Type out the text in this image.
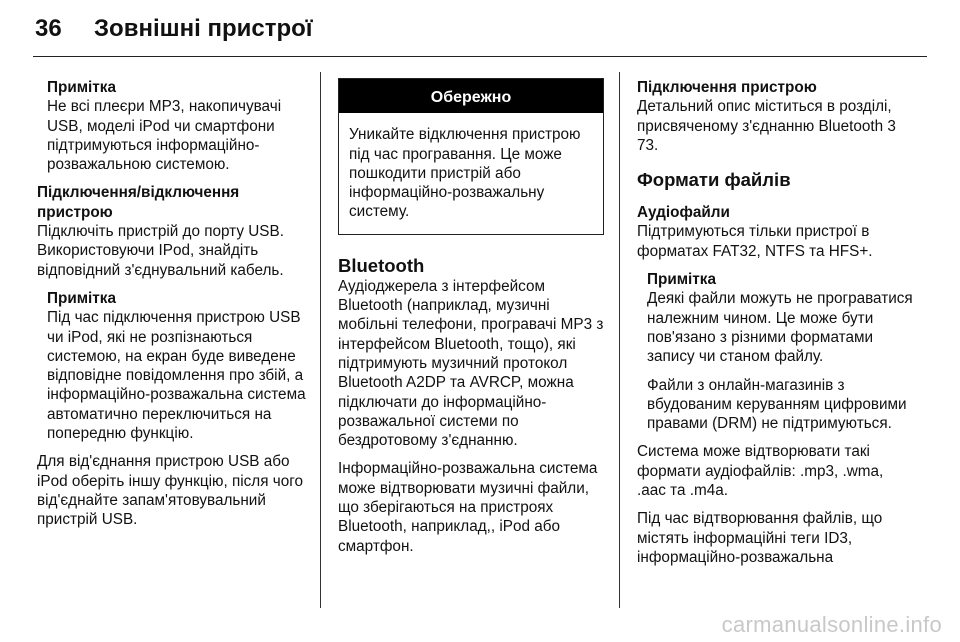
36 Зовнішні пристрої
Примітка

Не всі плеєри MP3, накопичувачі USB, моделі iPod чи смартфони підтримуються інформаційно-розважальною системою.

Підключення/відключення пристрою

Підключіть пристрій до порту USB. Використовуючи IPod, знайдіть відповідний з'єднувальний кабель.

Примітка

Під час підключення пристрою USB чи iPod, які не розпізнаються системою, на екран буде виведене відповідне повідомлення про збій, а інформаційно-розважальна система автоматично переключиться на попередню функцію.

Для від'єднання пристрою USB або iPod оберіть іншу функцію, після чого від'єднайте запам'ятовувальний пристрій USB.

Обережно
Уникайте відключення пристрою під час програвання. Це може пошкодити пристрій або інформаційно-розважальну систему.
Bluetooth

Аудіоджерела з інтерфейсом Bluetooth (наприклад, музичні мобільні телефони, програвачі MP3 з інтерфейсом Bluetooth, тощо), які підтримують музичний протокол Bluetooth A2DP та AVRCP, можна підключати до інформаційно-розважальної системи по бездротовому з'єднанню.

Інформаційно-розважальна система може відтворювати музичні файли, що зберігаються на пристроях Bluetooth, наприклад,, iPod або смартфон.

Підключення пристрою

Детальний опис міститься в розділі, присвяченому з'єднанню Bluetooth 3 73.

Формати файлів
Аудіофайли

Підтримуються тільки пристрої в форматах FAT32, NTFS та HFS+.

Примітка

Деякі файли можуть не програватися належним чином. Це може бути пов'язано з різними форматами запису чи станом файлу.

Файли з онлайн-магазинів з вбудованим керуванням цифровими правами (DRM) не підтримуються.

Система може відтворювати такі формати аудіофайлів: .mp3, .wma, .aac та .m4a.

Під час відтворювання файлів, що містять інформаційні теги ID3, інформаційно-розважальна

carmanualsonline.info
